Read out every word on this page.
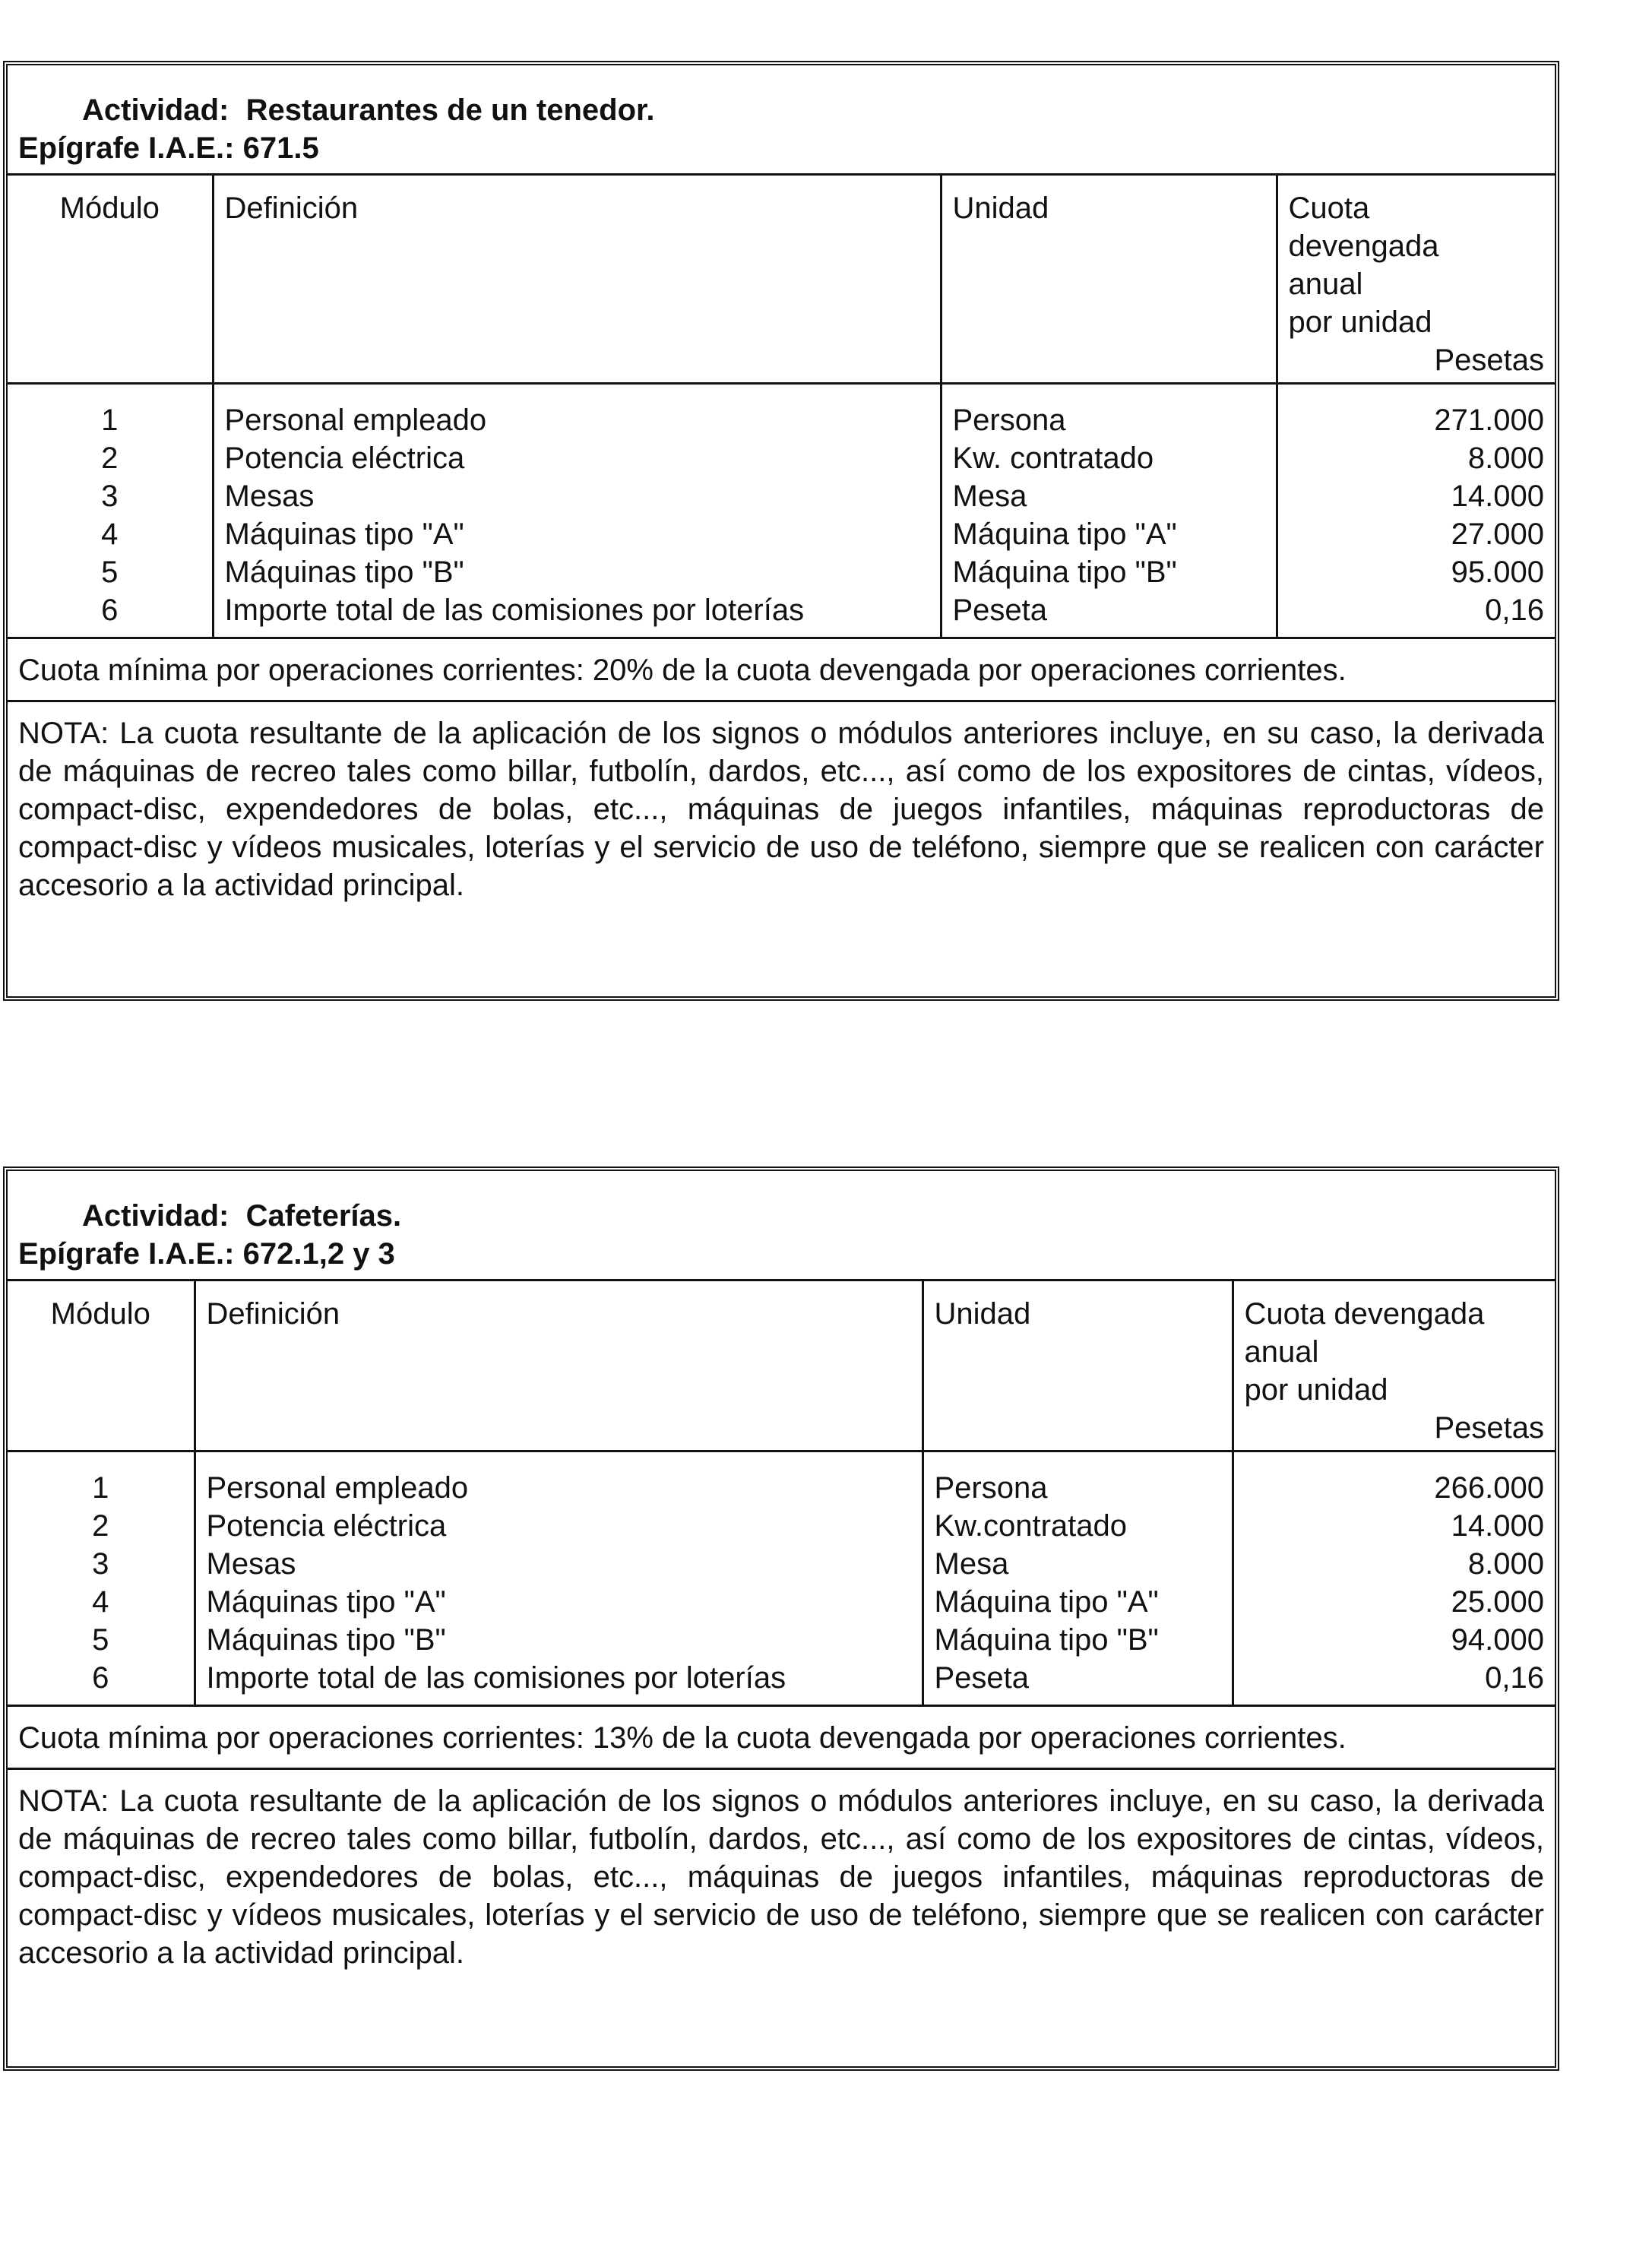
Actividad: Restaurantes de un tenedor.
Epígrafe I.A.E.: 671.5
Módulo	Definición	Unidad	Cuota
devengada
anual
por unidad
Pesetas

1	Personal empleado	Persona	271.000
2	Potencia eléctrica	Kw. contratado	8.000
3	Mesas	Mesa	14.000
4	Máquinas tipo "A"	Máquina tipo "A"	27.000
5	Máquinas tipo "B"	Máquina tipo "B"	95.000
6	Importe total de las comisiones por loterías	Peseta	0,16
Cuota mínima por operaciones corrientes: 20% de la cuota devengada por operaciones corrientes.
NOTA: La cuota resultante de la aplicación de los signos o módulos anteriores incluye, en su caso, la derivada de máquinas de recreo tales como billar, futbolín, dardos, etc..., así como de los expositores de cintas, vídeos, compact-disc, expendedores de bolas, etc..., máquinas de juegos infantiles, máquinas reproductoras de compact-disc y vídeos musicales, loterías y el servicio de uso de teléfono, siempre que se realicen con carácter accesorio a la actividad principal.
Actividad: Cafeterías.
Epígrafe I.A.E.: 672.1,2 y 3
Módulo	Definición	Unidad	Cuota devengada
anual
por unidad
Pesetas

1	Personal empleado	Persona	266.000
2	Potencia eléctrica	Kw.contratado	14.000
3	Mesas	Mesa	8.000
4	Máquinas tipo "A"	Máquina tipo "A"	25.000
5	Máquinas tipo "B"	Máquina tipo "B"	94.000
6	Importe total de las comisiones por loterías	Peseta	0,16
Cuota mínima por operaciones corrientes: 13% de la cuota devengada por operaciones corrientes.
NOTA: La cuota resultante de la aplicación de los signos o módulos anteriores incluye, en su caso, la derivada de máquinas de recreo tales como billar, futbolín, dardos, etc..., así como de los expositores de cintas, vídeos, compact-disc, expendedores de bolas, etc..., máquinas de juegos infantiles, máquinas reproductoras de compact-disc y vídeos musicales, loterías y el servicio de uso de teléfono, siempre que se realicen con carácter accesorio a la actividad principal.
